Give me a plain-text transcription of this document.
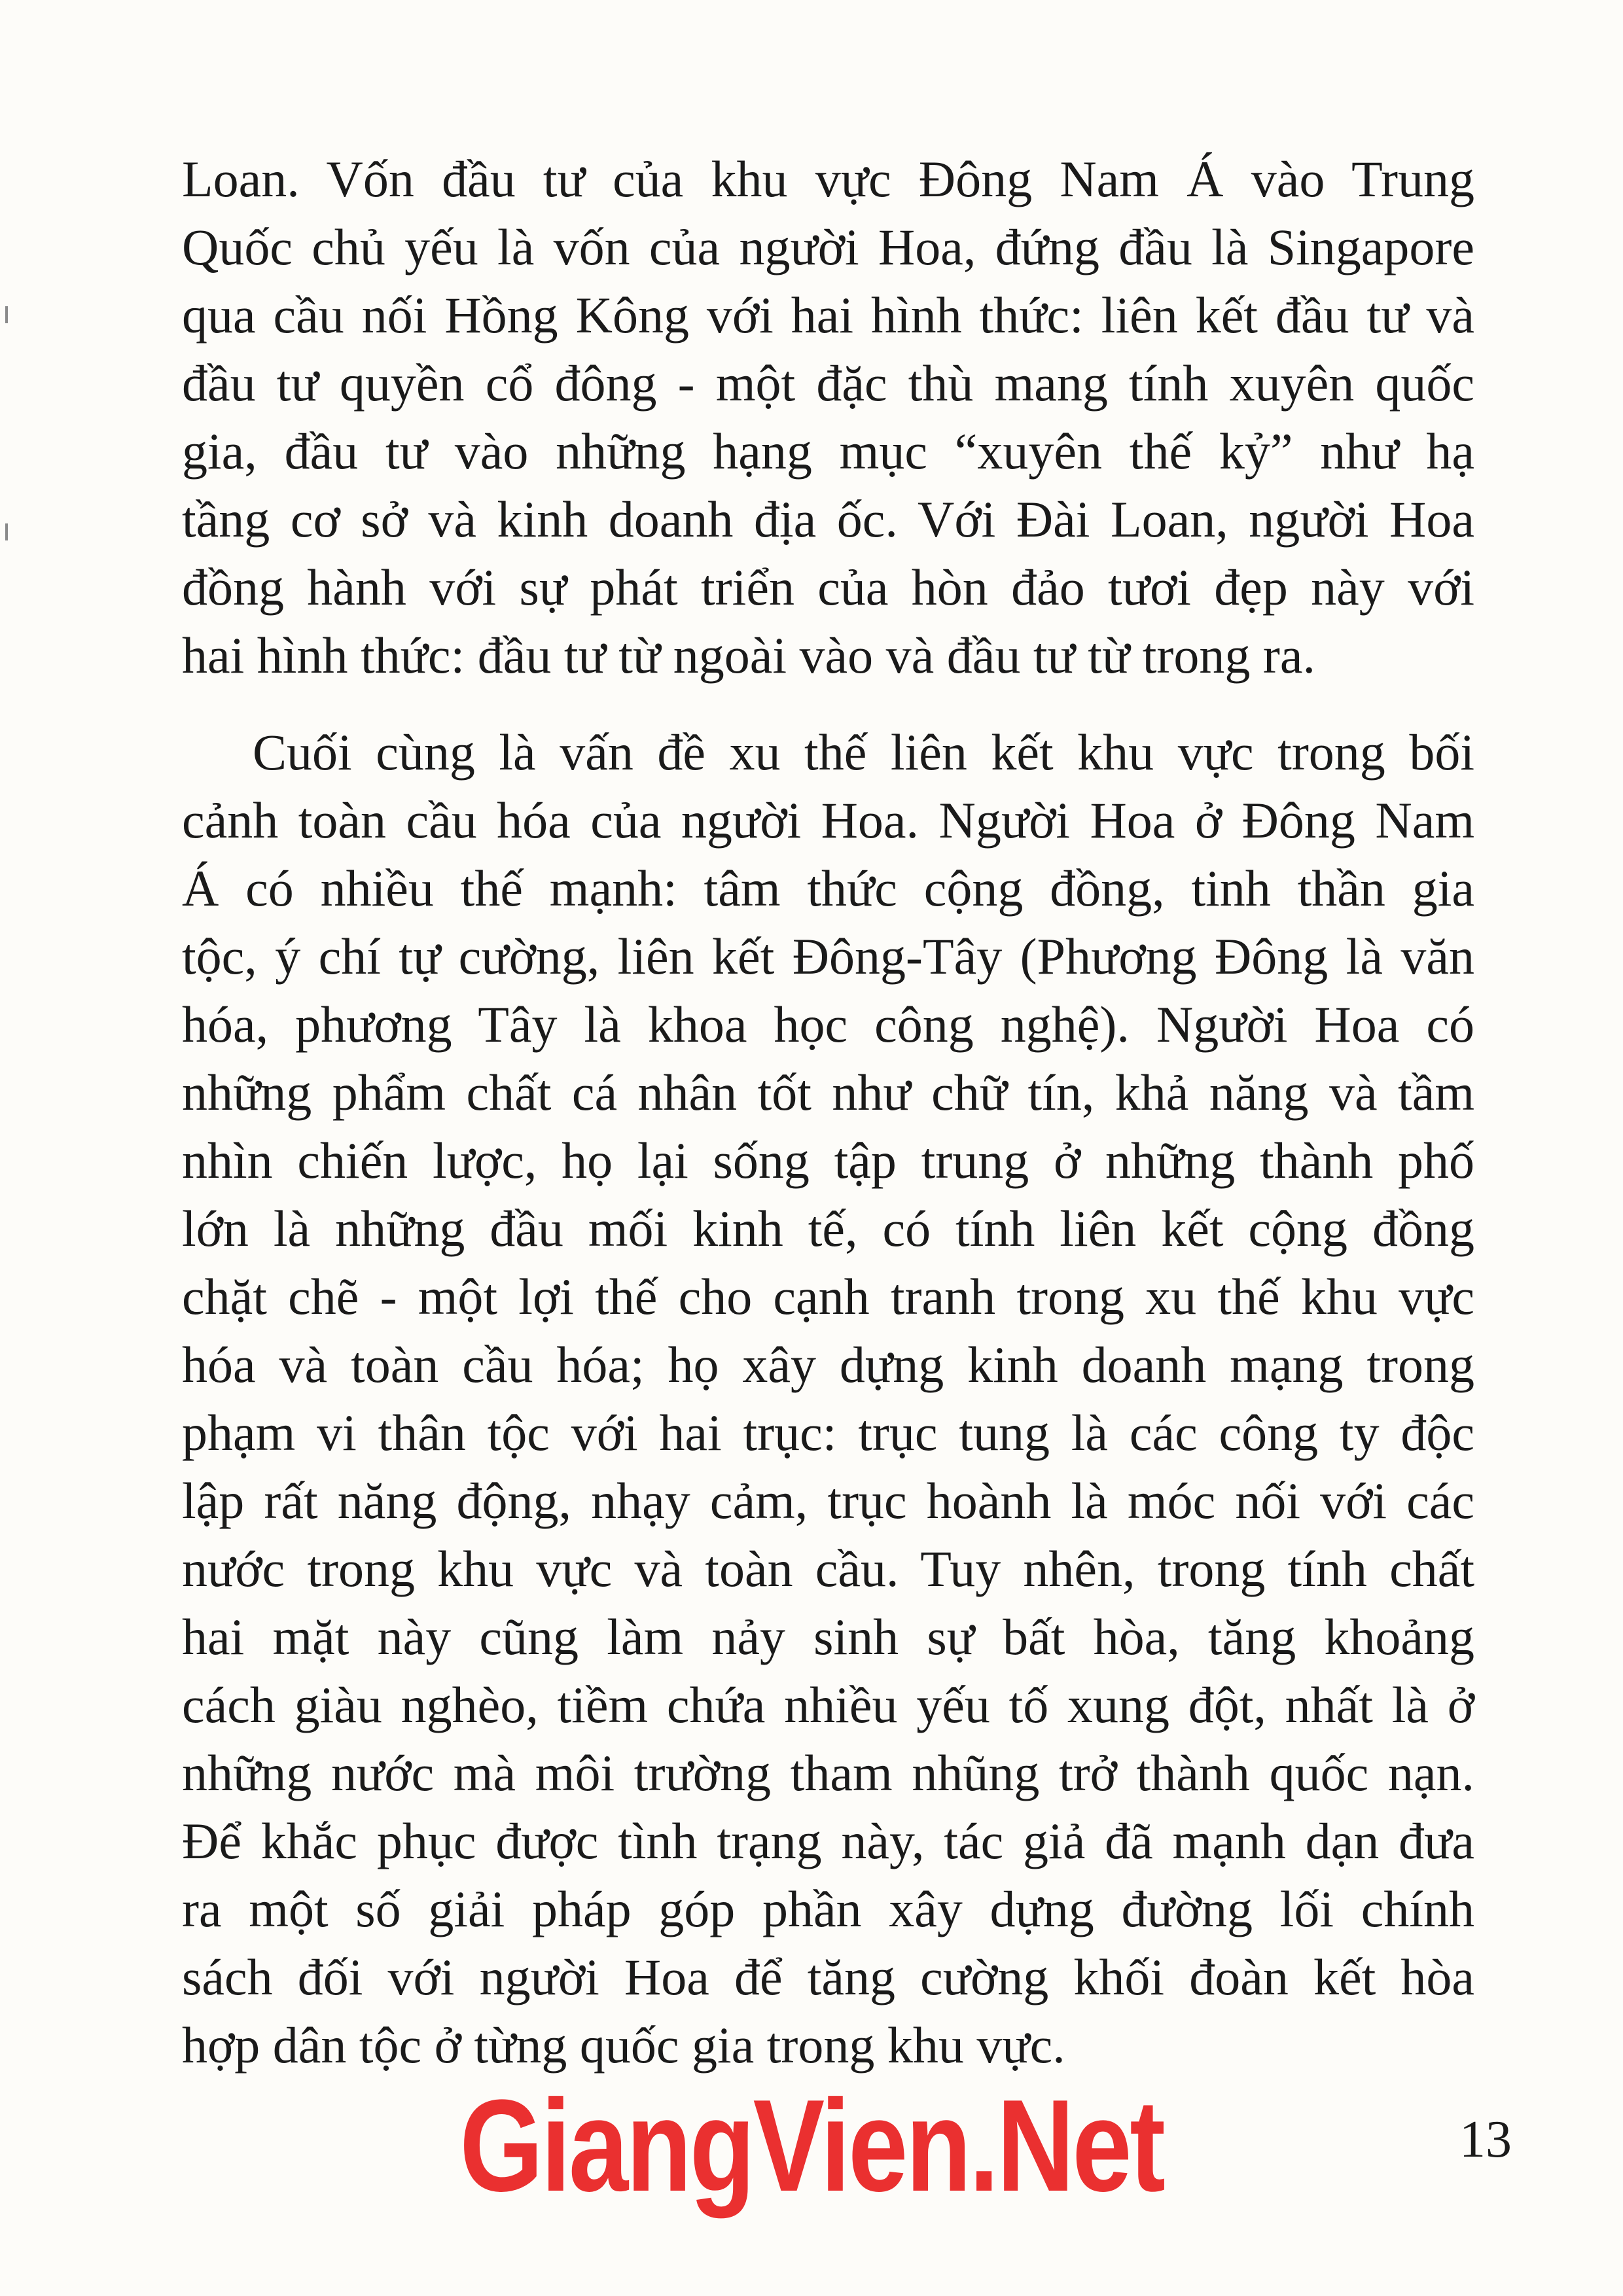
Loan. Vốn đầu tư của khu vực Đông Nam Á vào Trung
Quốc chủ yếu là vốn của người Hoa, đứng đầu là Singapore
qua cầu nối Hồng Kông với hai hình thức: liên kết đầu tư và
đầu tư quyền cổ đông - một đặc thù mang tính xuyên quốc
gia, đầu tư vào những hạng mục “xuyên thế kỷ” như hạ
tầng cơ sở và kinh doanh địa ốc. Với Đài Loan, người Hoa
đồng hành với sự phát triển của hòn đảo tươi đẹp này với
hai hình thức: đầu tư từ ngoài vào và đầu tư từ trong ra.

Cuối cùng là vấn đề xu thế liên kết khu vực trong bối
cảnh toàn cầu hóa của người Hoa. Người Hoa ở Đông Nam
Á có nhiều thế mạnh: tâm thức cộng đồng, tinh thần gia
tộc, ý chí tự cường, liên kết Đông-Tây (Phương Đông là văn
hóa, phương Tây là khoa học công nghệ). Người Hoa có
những phẩm chất cá nhân tốt như chữ tín, khả năng và tầm
nhìn chiến lược, họ lại sống tập trung ở những thành phố
lớn là những đầu mối kinh tế, có tính liên kết cộng đồng
chặt chẽ - một lợi thế cho cạnh tranh trong xu thế khu vực
hóa và toàn cầu hóa; họ xây dựng kinh doanh mạng trong
phạm vi thân tộc với hai trục: trục tung là các công ty độc
lập rất năng động, nhạy cảm, trục hoành là móc nối với các
nước trong khu vực và toàn cầu. Tuy nhên, trong tính chất
hai mặt này cũng làm nảy sinh sự bất hòa, tăng khoảng
cách giàu nghèo, tiềm chứa nhiều yếu tố xung đột, nhất là ở
những nước mà môi trường tham nhũng trở thành quốc nạn.
Để khắc phục được tình trạng này, tác giả đã mạnh dạn đưa
ra một số giải pháp góp phần xây dựng đường lối chính
sách đối với người Hoa để tăng cường khối đoàn kết hòa
hợp dân tộc ở từng quốc gia trong khu vực.

GiangVien.Net	13
